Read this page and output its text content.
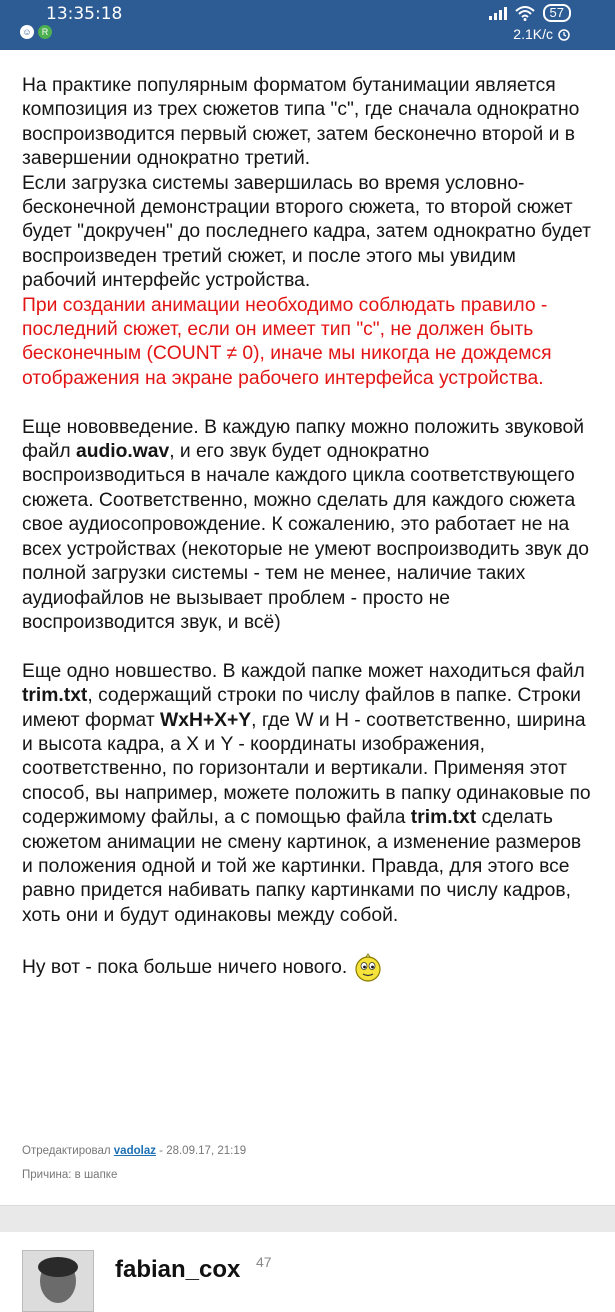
13:35:18
☺	R
57
2.1K/с

На практике популярным форматом бутанимации является композиция из трех сюжетов типа "с", где сначала однократно воспроизводится первый сюжет, затем бесконечно второй и в завершении однократно третий.
Если загрузка системы завершилась во время условно-бесконечной демонстрации второго сюжета, то второй сюжет будет "докручен" до последнего кадра, затем однократно будет воспроизведен третий сюжет, и после этого мы увидим рабочий интерфейс устройства.
При создании анимации необходимо соблюдать правило - последний сюжет, если он имеет тип "с", не должен быть бесконечным (COUNT ≠ 0), иначе мы никогда не дождемся отображения на экране рабочего интерфейса устройства.

Еще нововведение. В каждую папку можно положить звуковой файл audio.wav, и его звук будет однократно воспроизводиться в начале каждого цикла соответствующего сюжета. Соответственно, можно сделать для каждого сюжета свое аудиосопровождение. К сожалению, это работает не на всех устройствах (некоторые не умеют воспроизводить звук до полной загрузки системы - тем не менее, наличие таких аудиофайлов не вызывает проблем - просто не воспроизводится звук, и всё)

Еще одно новшество. В каждой папке может находиться файл trim.txt, содержащий строки по числу файлов в папке. Строки имеют формат WxH+X+Y, где W и H - соответственно, ширина и высота кадра, а X и Y - координаты изображения, соответственно, по горизонтали и вертикали. Применяя этот способ, вы например, можете положить в папку одинаковые по содержимому файлы, а с помощью файла trim.txt сделать сюжетом анимации не смену картинок, а изменение размеров и положения одной и той же картинки. Правда, для этого все равно придется набивать папку картинками по числу кадров, хоть они и будут одинаковы между собой.

Ну вот - пока больше ничего нового.

Отредактировал vadolaz - 28.09.17, 21:19
Причина: в шапке
fabian_cox 47
